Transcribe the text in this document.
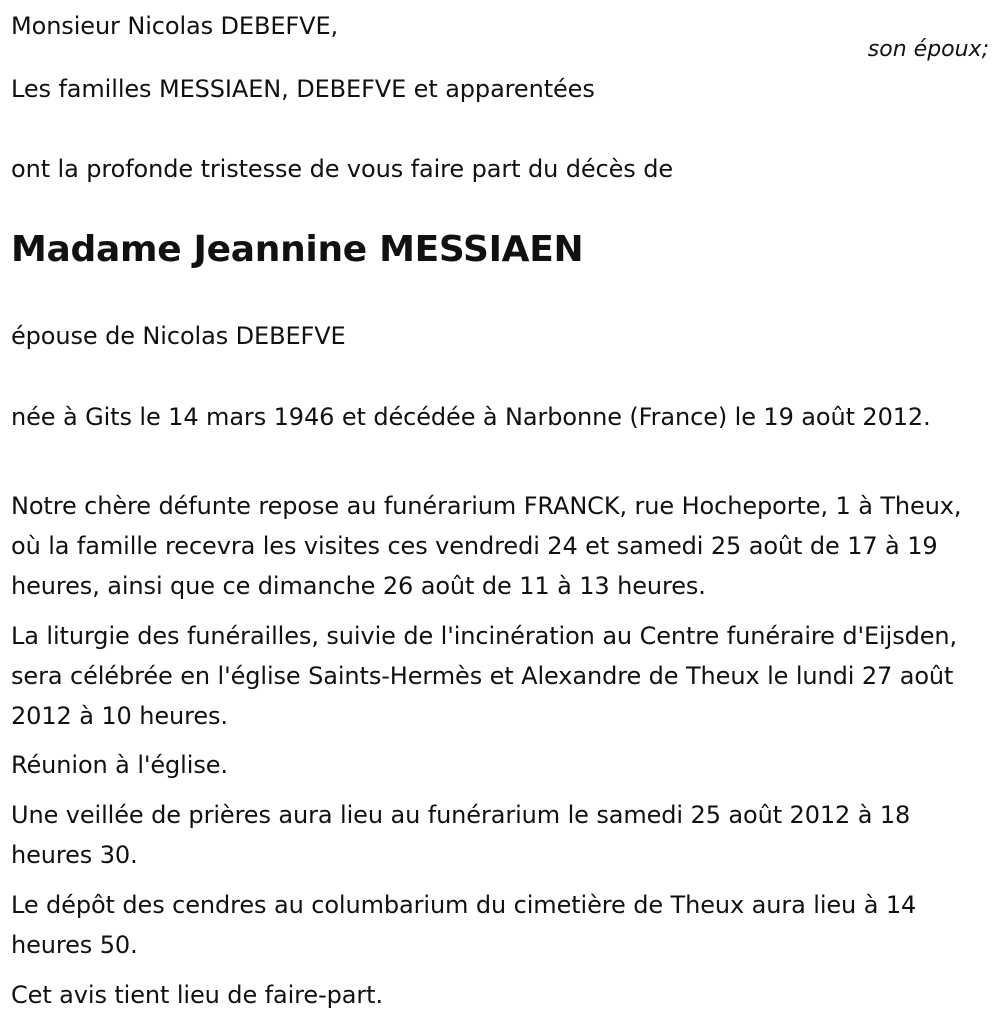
Monsieur Nicolas DEBEFVE,

son époux;

Les familles MESSIAEN, DEBEFVE et apparentées

ont la profonde tristesse de vous faire part du décès de

Madame Jeannine MESSIAEN

épouse de Nicolas DEBEFVE

née à Gits le 14 mars 1946 et décédée à Narbonne (France) le 19 août 2012.

Notre chère défunte repose au funérarium FRANCK, rue Hocheporte, 1 à Theux, où la famille recevra les visites ces vendredi 24 et samedi 25 août de 17 à 19 heures, ainsi que ce dimanche 26 août de 11 à 13 heures.

La liturgie des funérailles, suivie de l'incinération au Centre funéraire d'Eijsden, sera célébrée en l'église Saints-Hermès et Alexandre de Theux le lundi 27 août 2012 à 10 heures.

Réunion à l'église.

Une veillée de prières aura lieu au funérarium le samedi 25 août 2012 à 18 heures 30.

Le dépôt des cendres au columbarium du cimetière de Theux aura lieu à 14 heures 50.

Cet avis tient lieu de faire-part.
